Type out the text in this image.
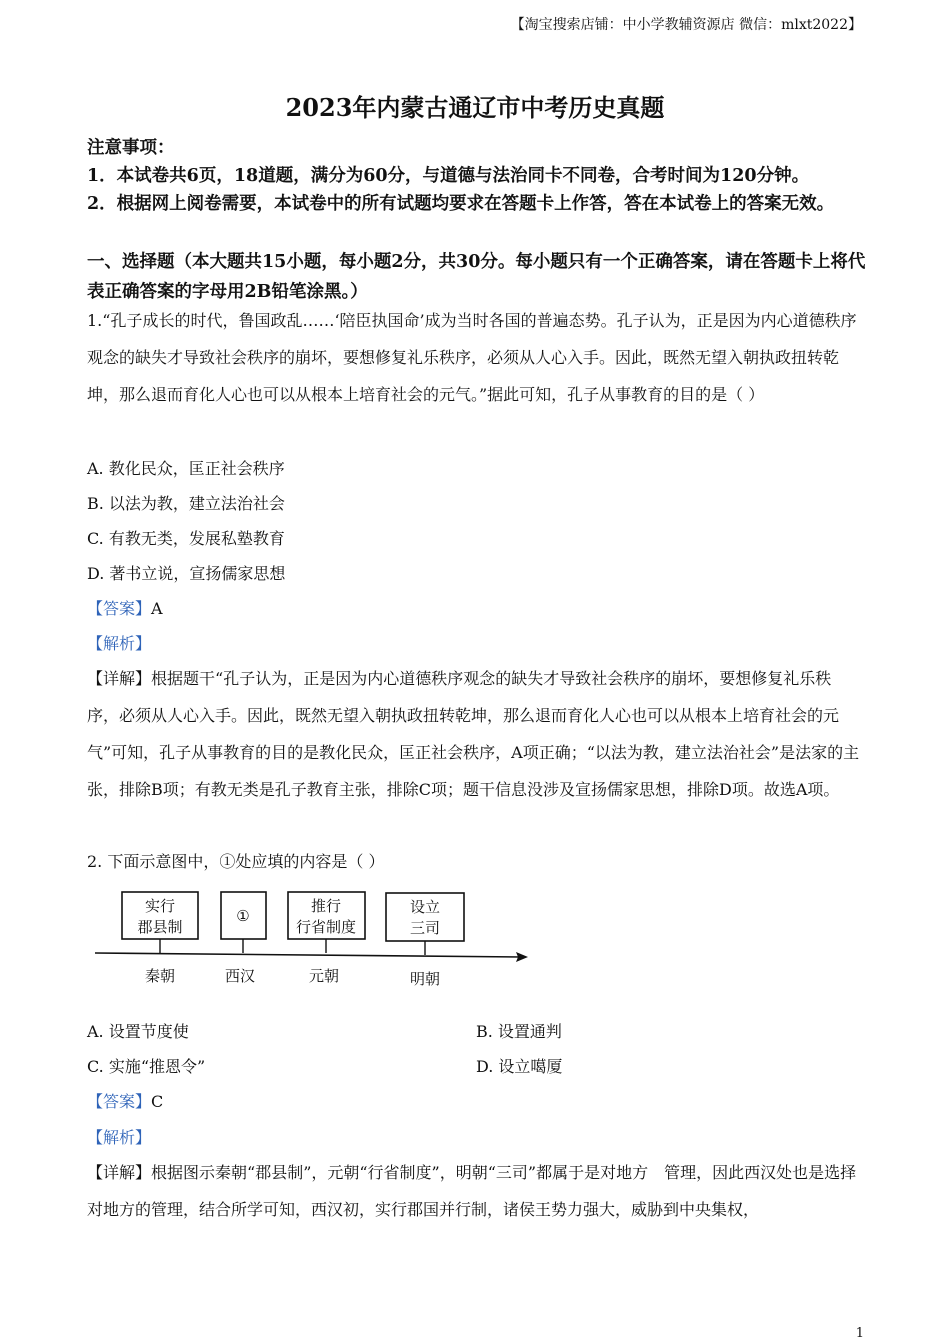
【淘宝搜索店铺：中小学教辅资源店 微信：mlxt2022】
2023年内蒙古通辽市中考历史真题
注意事项：
1．本试卷共6页，18道题，满分为60分，与道德与法治同卡不同卷，合考时间为120分钟。
2．根据网上阅卷需要，本试卷中的所有试题均要求在答题卡上作答，答在本试卷上的答案无效。
一、选择题（本大题共15小题，每小题2分，共30分。每小题只有一个正确答案，请在答题卡上将代表正确答案的字母用2B铅笔涂黑。）
1.“孔子成长的时代，鲁国政乱……‘陪臣执国命’成为当时各国的普遍态势。孔子认为，正是因为内心道德秩序观念的缺失才导致社会秩序的崩坏，要想修复礼乐秩序，必须从人心入手。因此，既然无望入朝执政扭转乾坤，那么退而育化人心也可以从根本上培育社会的元气。”据此可知，孔子从事教育的目的是（ ）
A. 教化民众，匡正社会秩序
B. 以法为教，建立法治社会
C. 有教无类，发展私塾教育
D. 著书立说，宣扬儒家思想
【答案】A
【解析】
【详解】根据题干“孔子认为，正是因为内心道德秩序观念的缺失才导致社会秩序的崩坏，要想修复礼乐秩序，必须从人心入手。因此，既然无望入朝执政扭转乾坤，那么退而育化人心也可以从根本上培育社会的元气”可知，孔子从事教育的目的是教化民众，匡正社会秩序，A项正确；“以法为教，建立法治社会”是法家的主张，排除B项；有教无类是孔子教育主张，排除C项；题干信息没涉及宣扬儒家思想，排除D项。故选A项。
2. 下面示意图中，①处应填的内容是（ ）
实行
郡县制
①
推行
行省制度
设立
三司
秦朝	西汉	元朝	明朝
A. 设置节度使	B. 设置通判
C. 实施“推恩令”	D. 设立噶厦
【答案】C
【解析】
【详解】根据图示秦朝“郡县制”，元朝“行省制度”，明朝“三司”都属于是对地方　管理，因此西汉处也是选择对地方的管理，结合所学可知，西汉初，实行郡国并行制，诸侯王势力强大，威胁到中央集权，
1
